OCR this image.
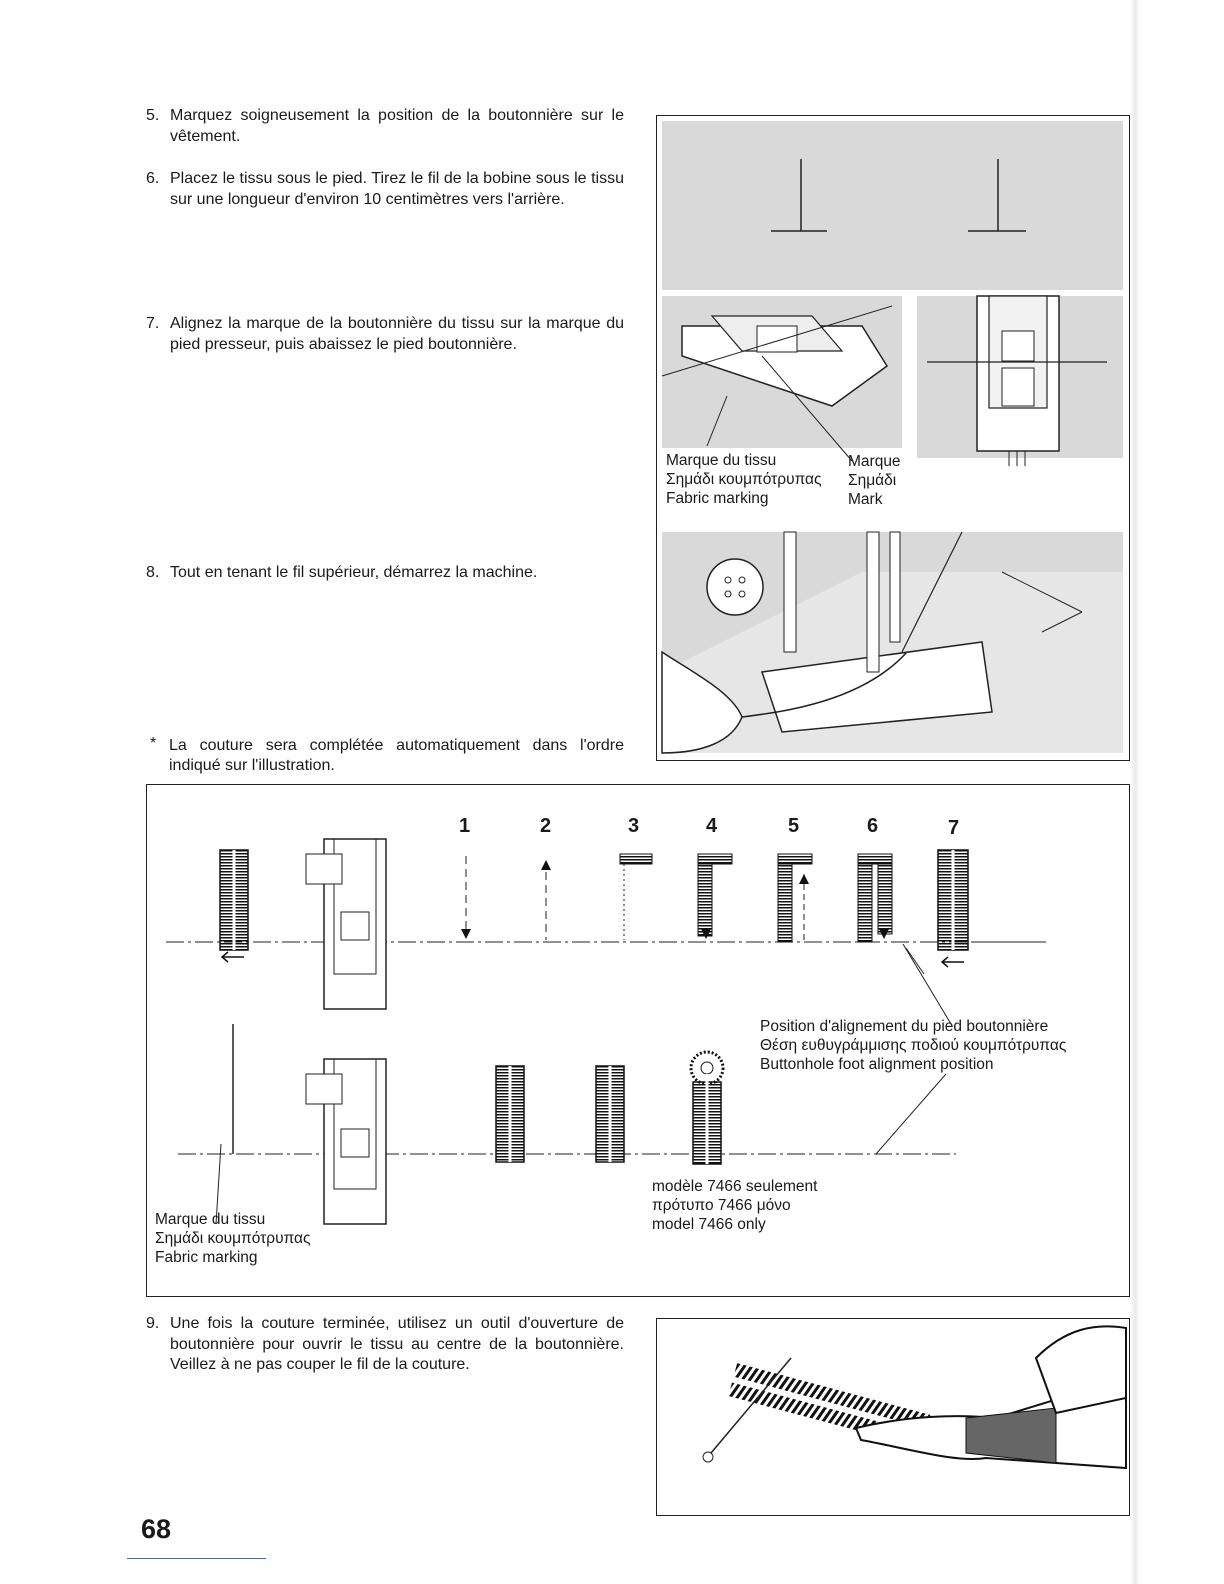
5. Marquez soigneusement la position de la boutonnière sur le vêtement.
6. Placez le tissu sous le pied. Tirez le fil de la bobine sous le tissu sur une longueur d'environ 10 centimètres vers l'arrière.
7. Alignez la marque de la boutonnière du tissu sur la marque du pied presseur, puis abaissez le pied boutonnière.
8. Tout en tenant le fil supérieur, démarrez la machine.
* La couture sera complétée automatiquement dans l'ordre indiqué sur l'illustration.
9. Une fois la couture terminée, utilisez un outil d'ouverture de boutonnière pour ouvrir le tissu au centre de la boutonnière. Veillez à ne pas couper le fil de la couture.
Marque du tissu
Σημάδι κουμπότρυπας
Fabric marking
Marque
Σημάδι
Mark
1	2	3	4	5	6	7
Position d'alignement du pied boutonnière
Θέση ευθυγράμμισης ποδιού κουμπότρυπας
Buttonhole foot alignment position
modèle 7466 seulement
πρότυπο 7466 μόνο
model 7466 only
Marque du tissu
Σημάδι κουμπότρυπας
Fabric marking
68
